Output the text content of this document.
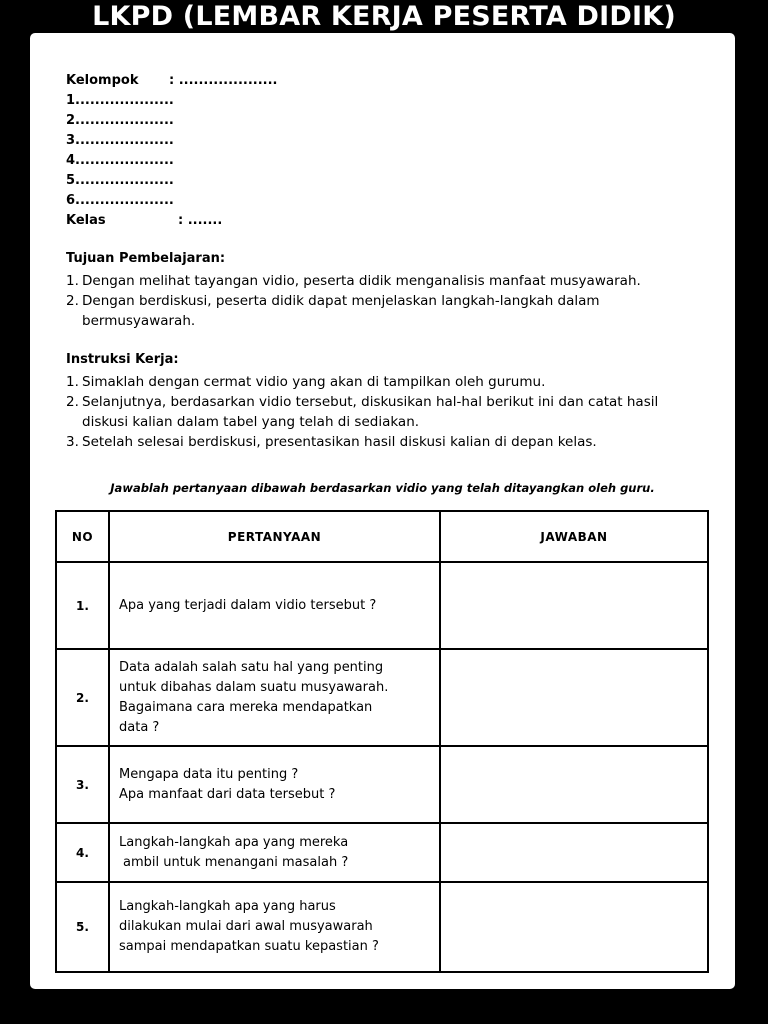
LKPD (LEMBAR KERJA PESERTA DIDIK)
Kelompok : ....................
1....................
2....................
3....................
4....................
5....................
6....................
Kelas	: .......
Tujuan Pembelajaran:
1. Dengan melihat tayangan vidio, peserta didik menganalisis manfaat musyawarah.
2. Dengan berdiskusi, peserta didik dapat menjelaskan langkah-langkah dalam
bermusyawarah.
Instruksi Kerja:
1. Simaklah dengan cermat vidio yang akan di tampilkan oleh gurumu.
2. Selanjutnya, berdasarkan vidio tersebut, diskusikan hal-hal berikut ini dan catat hasil
diskusi kalian dalam tabel yang telah di sediakan.
3. Setelah selesai berdiskusi, presentasikan hasil diskusi kalian di depan kelas.
Jawablah pertanyaan dibawah berdasarkan vidio yang telah ditayangkan oleh guru.
NO	PERTANYAAN	JAWABAN
1.	Apa yang terjadi dalam vidio tersebut ?	

2.	Data adalah salah satu hal yang penting
untuk dibahas dalam suatu musyawarah.
Bagaimana cara mereka mendapatkan
data ?	

3.	Mengapa data itu penting ?
Apa manfaat dari data tersebut ?	

4.	Langkah-langkah apa yang mereka
ambil untuk menangani masalah ?	

5.	Langkah-langkah apa yang harus
dilakukan mulai dari awal musyawarah
sampai mendapatkan suatu kepastian ?	
